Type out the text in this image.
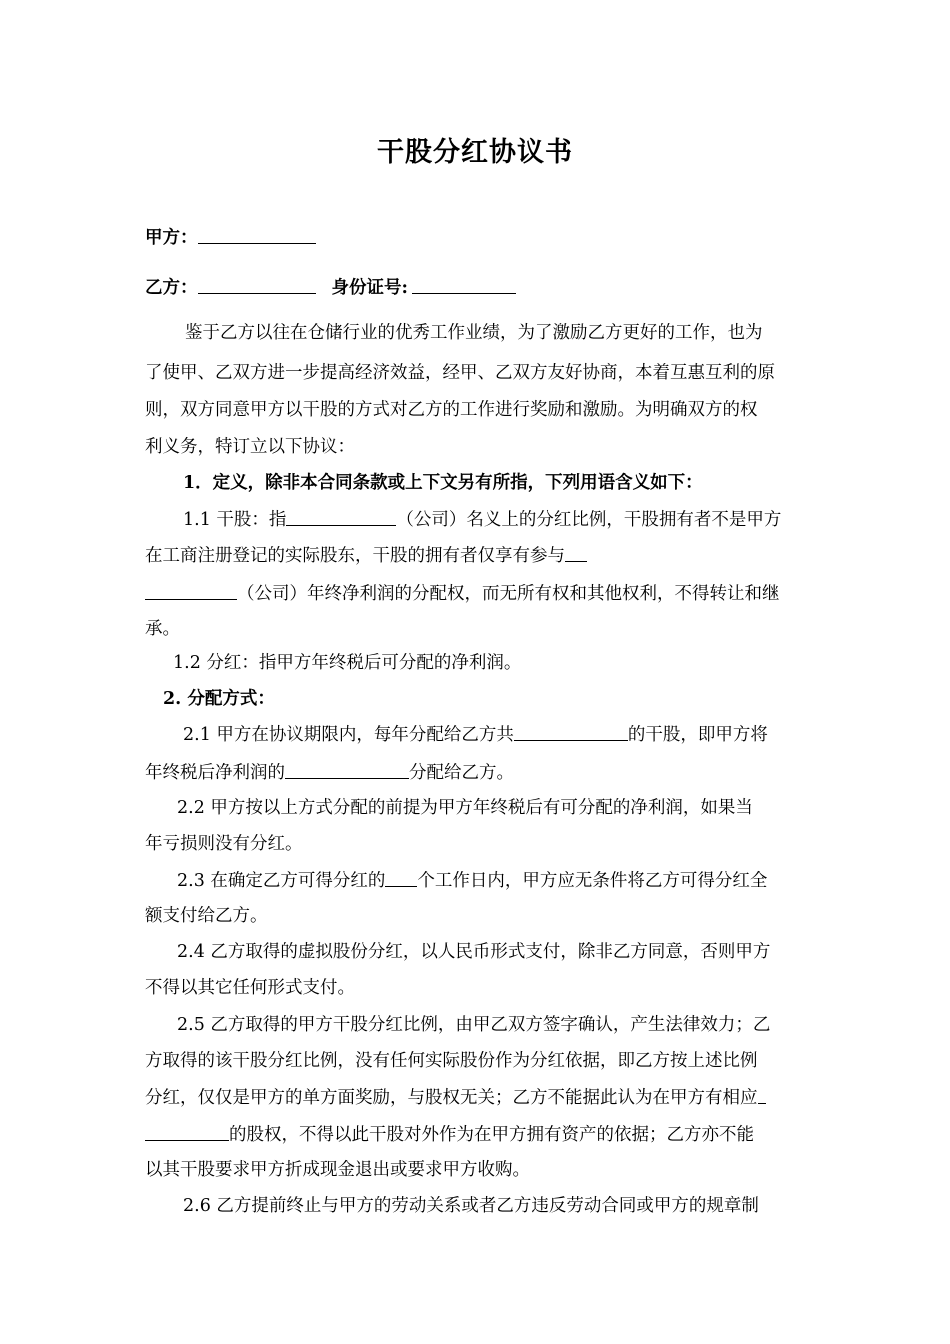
干股分红协议书
甲方：
乙方：	身份证号:
鉴于乙方以往在仓储行业的优秀工作业绩，为了激励乙方更好的工作，也为
了使甲、乙双方进一步提高经济效益，经甲、乙双方友好协商，本着互惠互利的原
则，双方同意甲方以干股的方式对乙方的工作进行奖励和激励。为明确双方的权
利义务，特订立以下协议：
1．定义，除非本合同条款或上下文另有所指，下列用语含义如下：
1.1 干股：指	（公司）名义上的分红比例，干股拥有者不是甲方
在工商注册登记的实际股东，干股的拥有者仅享有参与
（公司）年终净利润的分配权，而无所有权和其他权利，不得转让和继
承。
1.2 分红：指甲方年终税后可分配的净利润。
2. 分配方式：
2.1 甲方在协议期限内，每年分配给乙方共	的干股，即甲方将
年终税后净利润的	分配给乙方。
2.2 甲方按以上方式分配的前提为甲方年终税后有可分配的净利润，如果当
年亏损则没有分红。
2.3 在确定乙方可得分红的 个工作日内，甲方应无条件将乙方可得分红全
额支付给乙方。
2.4 乙方取得的虚拟股份分红，以人民币形式支付，除非乙方同意，否则甲方
不得以其它任何形式支付。
2.5 乙方取得的甲方干股分红比例，由甲乙双方签字确认，产生法律效力；乙
方取得的该干股分红比例，没有任何实际股份作为分红依据，即乙方按上述比例
分红，仅仅是甲方的单方面奖励，与股权无关；乙方不能据此认为在甲方有相应
的股权，不得以此干股对外作为在甲方拥有资产的依据；乙方亦不能
以其干股要求甲方折成现金退出或要求甲方收购。
2.6 乙方提前终止与甲方的劳动关系或者乙方违反劳动合同或甲方的规章制
